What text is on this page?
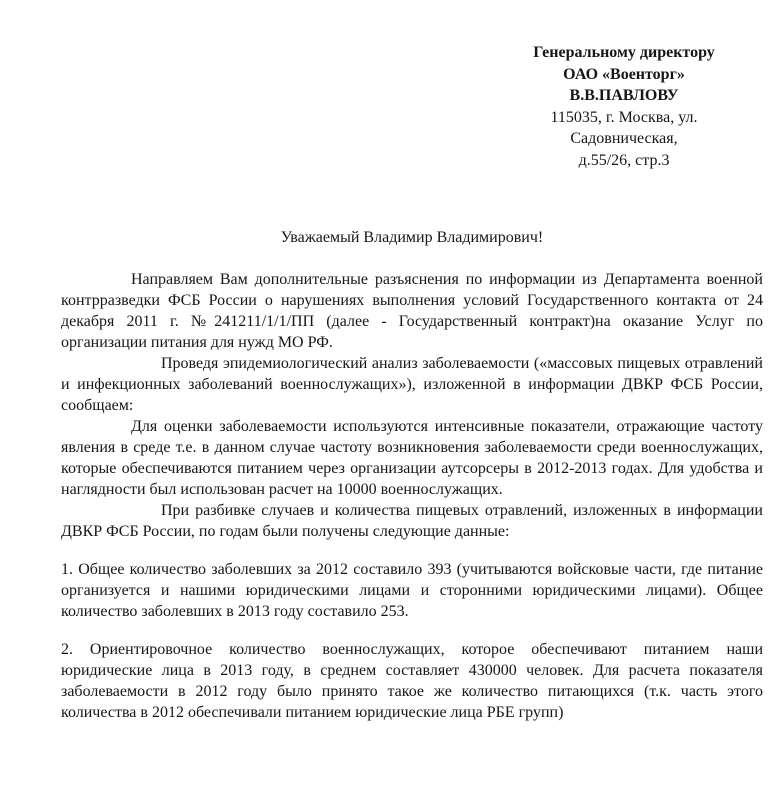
Генеральному директору
ОАО «Военторг»
В.В.ПАВЛОВУ
115035, г. Москва, ул.
Садовническая,
д.55/26, стр.3
Уважаемый Владимир Владимирович!

Направляем Вам дополнительные разъяснения по информации из Департамента военной контрразведки ФСБ России о нарушениях выполнения условий Государственного контакта от 24 декабря 2011 г. №241211/1/1/ПП (далее - Государственный контракт)на оказание Услуг по организации питания для нужд МО РФ.

Проведя эпидемиологический анализ заболеваемости («массовых пищевых отравлений и инфекционных заболеваний военнослужащих»), изложенной в информации ДВКР ФСБ России, сообщаем:

Для оценки заболеваемости используются интенсивные показатели, отражающие частоту явления в среде т.е. в данном случае частоту возникновения заболеваемости среди военнослужащих, которые обеспечиваются питанием через организации аутсорсеры в 2012-2013 годах. Для удобства и наглядности был использован расчет на 10000 военнослужащих.

При разбивке случаев и количества пищевых отравлений, изложенных в информации ДВКР ФСБ России, по годам были получены следующие данные:

1. Общее количество заболевших за 2012 составило 393 (учитываются войсковые части, где питание организуется и нашими юридическими лицами и сторонними юридическими лицами). Общее количество заболевших в 2013 году составило 253.

2. Ориентировочное количество военнослужащих, которое обеспечивают питанием наши юридические лица в 2013 году, в среднем составляет 430000 человек. Для расчета показателя заболеваемости в 2012 году было принято такое же количество питающихся (т.к. часть этого количества в 2012 обеспечивали питанием юридические лица РБЕ групп)
